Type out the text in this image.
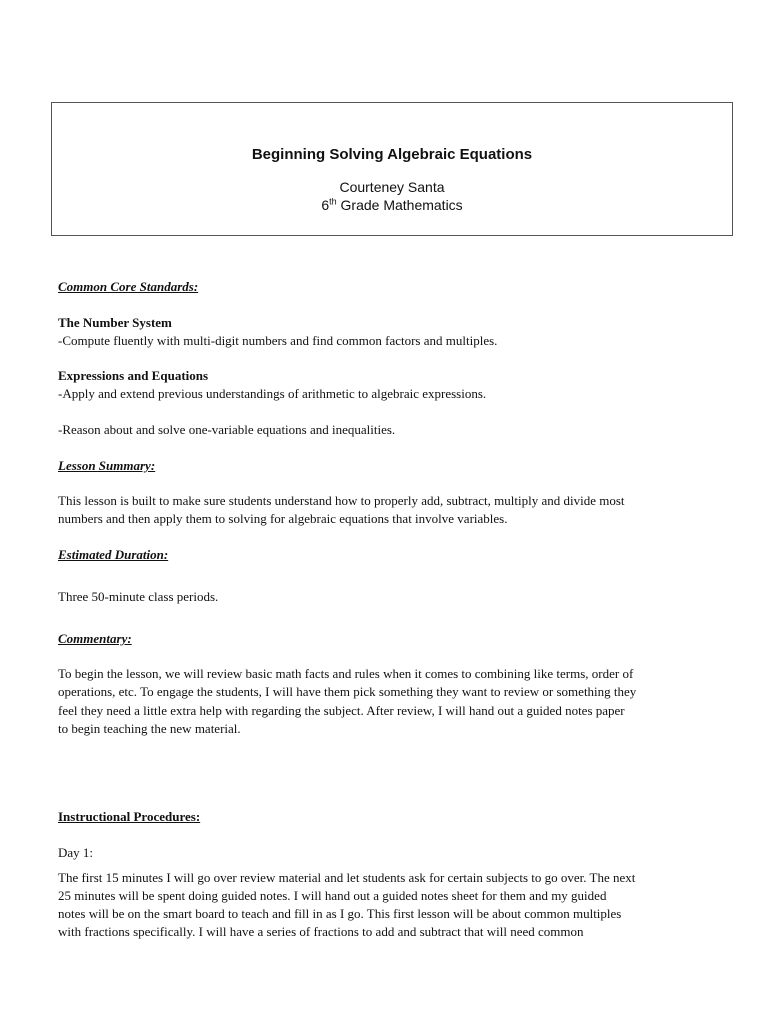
Beginning Solving Algebraic Equations
Courteney Santa
6th Grade Mathematics

Common Core Standards:

The Number System

-Compute fluently with multi-digit numbers and find common factors and multiples.

Expressions and Equations

-Apply and extend previous understandings of arithmetic to algebraic expressions.

-Reason about and solve one-variable equations and inequalities.

Lesson Summary:

This lesson is built to make sure students understand how to properly add, subtract, multiply and divide most

numbers and then apply them to solving for algebraic equations that involve variables.

Estimated Duration:

Three 50-minute class periods.

Commentary:

To begin the lesson, we will review basic math facts and rules when it comes to combining like terms, order of

operations, etc. To engage the students, I will have them pick something they want to review or something they

feel they need a little extra help with regarding the subject. After review, I will hand out a guided notes paper

to begin teaching the new material.

Instructional Procedures:

Day 1:

The first 15 minutes I will go over review material and let students ask for certain subjects to go over. The next

25 minutes will be spent doing guided notes. I will hand out a guided notes sheet for them and my guided

notes will be on the smart board to teach and fill in as I go. This first lesson will be about common multiples

with fractions specifically. I will have a series of fractions to add and subtract that will need common
